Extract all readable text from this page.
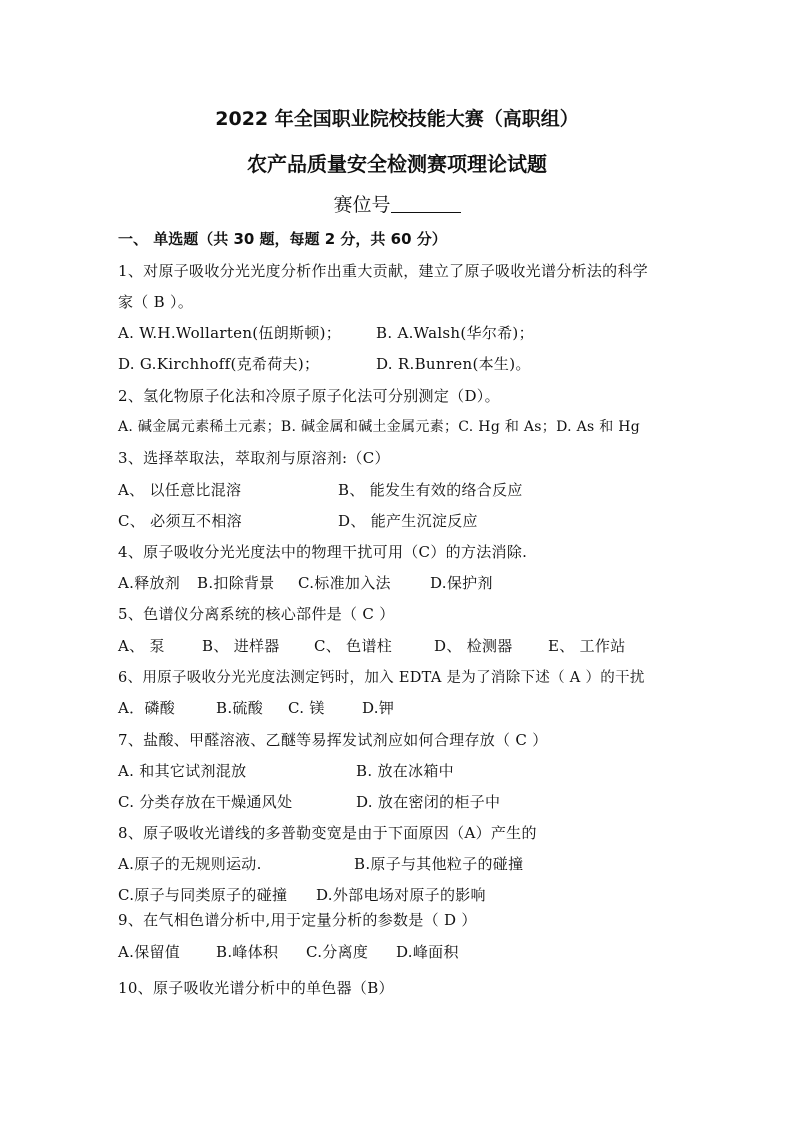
2022 年全国职业院校技能大赛（高职组）
农产品质量安全检测赛项理论试题
赛位号
一、 单选题（共 30 题，每题 2 分，共 60 分）
1、对原子吸收分光光度分析作出重大贡献，建立了原子吸收光谱分析法的科学
家（ B ）。
A. W.H.Wollarten(伍朗斯顿)； B. A.Walsh(华尔希)；
D. G.Kirchhoff(克希荷夫)；	D. R.Bunren(本生)。
2、氢化物原子化法和冷原子原子化法可分别测定（D）。
A. 碱金属元素稀土元素；B. 碱金属和碱土金属元素；C. Hg 和 As；D. As 和 Hg
3、选择萃取法，萃取剂与原溶剂:（C）
A、 以任意比混溶	B、 能发生有效的络合反应
C、 必须互不相溶	D、 能产生沉淀反应
4、原子吸收分光光度法中的物理干扰可用（C）的方法消除.
A.释放剂 B.扣除背景 C.标准加入法	D.保护剂
5、色谱仪分离系统的核心部件是（ C ）
A、 泵 B、 进样器 C、 色谱柱	D、 检测器 E、 工作站
6、用原子吸收分光光度法测定钙时，加入 EDTA 是为了消除下述（ A ）的干扰
A．磷酸	B.硫酸 C. 镁 D.钾
7、盐酸、甲醛溶液、乙醚等易挥发试剂应如何合理存放（ C ）
A. 和其它试剂混放	B. 放在冰箱中
C. 分类存放在干燥通风处	D. 放在密闭的柜子中
8、原子吸收光谱线的多普勒变宽是由于下面原因（A）产生的
A.原子的无规则运动.	B.原子与其他粒子的碰撞
C.原子与同类原子的碰撞 D.外部电场对原子的影响
9、在气相色谱分析中,用于定量分析的参数是（ D ）
A.保留值 B.峰体积 C.分离度 D.峰面积
10、原子吸收光谱分析中的单色器（B）
